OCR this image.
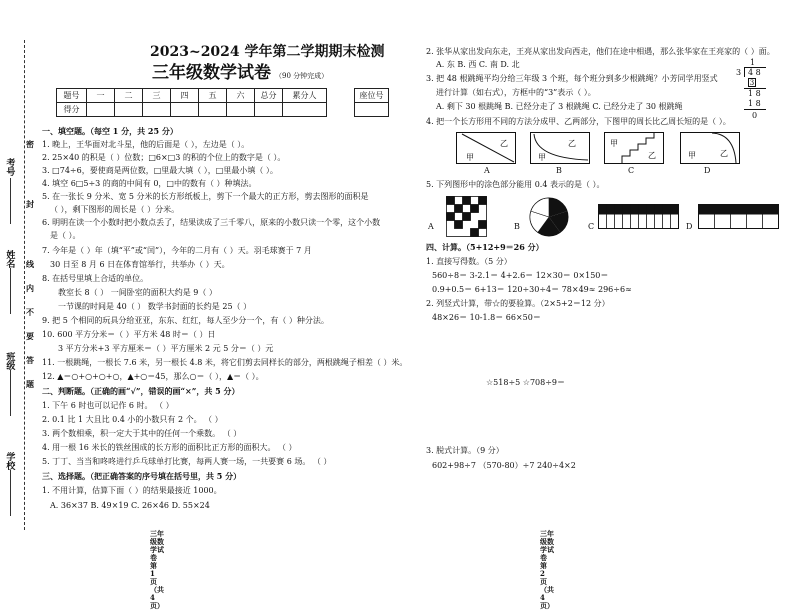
考号
姓名
班级
学校
密
封
线
内
不
要
答
题
2023~2024 学年第二学期期末检测
三年级数学试卷 （90 分钟完成）
题号	一	二	三	四	五	六	总分	累分人
得分								
座位号

一、填空题。（每空 1 分，共 25 分）
1. 晚上，王华面对北斗星，他的后面是（ ），左边是（ ）。
2. 25×40 的积是（ ）位数；□6×□3 的积的个位上的数字是（ ）。
3. □74÷6，要使商是两位数，□里最大填（ ），□里最小填（ ）。
4. 填空 6□5÷3 的商的中间有 0，□中的数有（ ）种填法。
5. 在一张长 9 分米、宽 5 分米的长方形纸板上，剪下一个最大的正方形，剪去图形的面积是
（ ），剩下图形的周长是（ ）分米。
6. 明明在读一个小数时把小数点丢了，结果读成了三千零八，原来的小数只读一个零，这个小数
是（ ）。
7. 今年是（ ）年（填“平”或“闰”），今年的二月有（ ）天。羽毛球赛于 7 月
30 日至 8 月 6 日在体育馆举行，共举办（ ）天。
8. 在括号里填上合适的单位。
教室长 8（ ） 一间卧室的面积大约是 9（ ）
一节课的时间是 40（ ） 数学书封面的长约是 25（ ）
9. 把 5 个相同的玩具分给亚亚，东东、红红，每人至少分一个，有（ ）种分法。
10. 600 平方分米＝（ ）平方米 48 时＝（ ）日
3 平方分米+3 平方厘米＝（ ）平方厘米 2 元 5 分＝（ ）元
11. 一根跳绳，一根长 7.6 米，另一根长 4.8 米，将它们剪去同样长的部分，两根跳绳子相差（ ）米。
12. ▲＝○+○+○+○，▲+○＝45，那么○＝（ ），▲＝（ ）。
二、判断题。（正确的画“√”，错误的画“×”，共 5 分）
1. 下午 6 时也可以记作 6 时。 （ ）
2. 0.1 比 1 大且比 0.4 小的小数只有 2 个。 （ ）
3. 两个数相乘，积一定大于其中的任何一个乘数。 （ ）
4. 用一根 16 米长的铁丝围成的长方形的面积比正方形的面积大。 （ ）
5. 丁丁、当当和咚咚进行乒乓球单打比赛，每两人赛一场，一共要赛 6 场。 （ ）
三、选择题。（把正确答案的序号填在括号里，共 5 分）
1. 不用计算，估算下面（ ）的结果最接近 1000。
A. 36×37 B. 49×19 C. 26×46 D. 55×24
三年级数学试卷 第 1 页（共 4 页）
2. 张华从家出发向东走，王亮从家出发向西走，他们在途中相遇，那么张华家在王亮家的（ ）面。
A. 东 B. 西 C. 南 D. 北
3. 把 48 根跳绳平均分给三年级 3 个班，每个班分到多少根跳绳？小芳同学用竖式
进行计算（如右式），方框中的“3”表示（ ）。
A. 剩下 30 根跳绳 B. 已经分走了 3 根跳绳 C. 已经分走了 30 根跳绳
1
3 4 8
3
1 8
1 8
0
4. 把一个长方形用不同的方法分成甲、乙两部分，下图甲的周长比乙周长短的是（ ）。
甲
乙
A
甲
乙
B
甲
乙
C
甲	乙
D
5. 下列图形中的涂色部分能用 0.4 表示的是（ ）。
A	B	C	D
四、计算。（5+12+9＝26 分）
1. 直接写得数。（5 分）
560÷8＝ 3-2.1＝ 4+2.6＝ 12×30＝ 0×150＝
0.9+0.5＝ 6+13＝ 120÷30÷4＝ 78×49≈ 296÷6≈
2. 列竖式计算，带☆的要验算。（2×5+2＝12 分）
48×26＝ 10-1.8＝ 66×50＝
☆518÷5 ☆708÷9＝
3. 脱式计算。（9 分）
602+98÷7 （570-80）÷7 240÷4×2
三年级数学试卷 第 2 页（共 4 页）
